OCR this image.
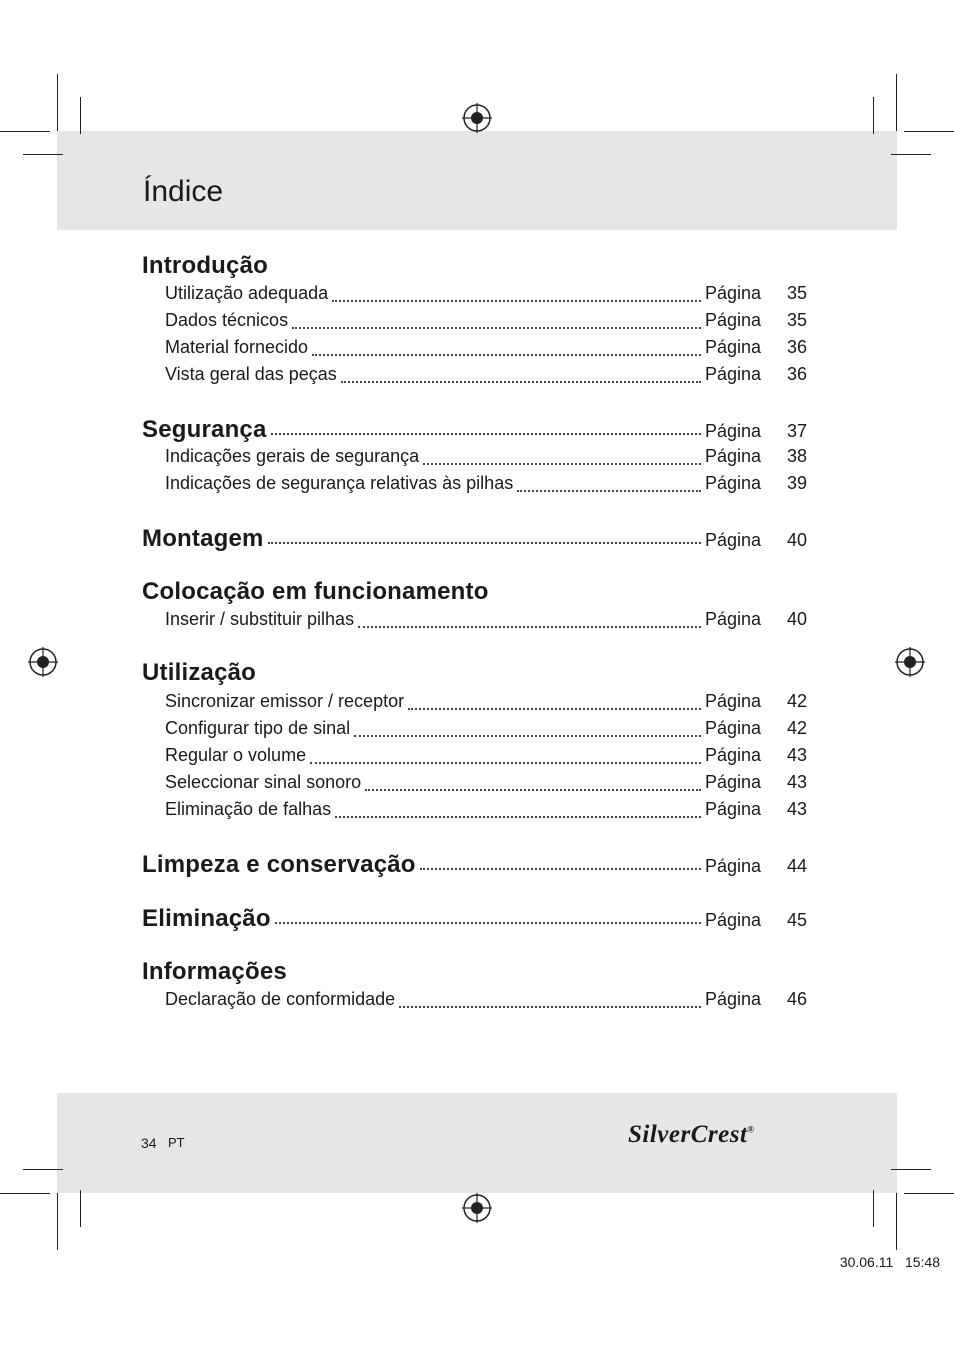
Índice
Introdução
Utilização adequada	Página	35
Dados técnicos	Página	35
Material fornecido	Página	36
Vista geral das peças	Página	36
Segurança	Página	37
Indicações gerais de segurança	Página	38
Indicações de segurança relativas às pilhas	Página	39
Montagem	Página	40
Colocação em funcionamento
Inserir / substituir pilhas	Página	40
Utilização
Sincronizar emissor / receptor	Página	42
Configurar tipo de sinal	Página	42
Regular o volume	Página	43
Seleccionar sinal sonoro	Página	43
Eliminação de falhas	Página	43
Limpeza e conservação	Página	44
Eliminação	Página	45
Informações
Declaração de conformidade	Página	46
34 PT	SilverCrest®
30.06.11 15:48
